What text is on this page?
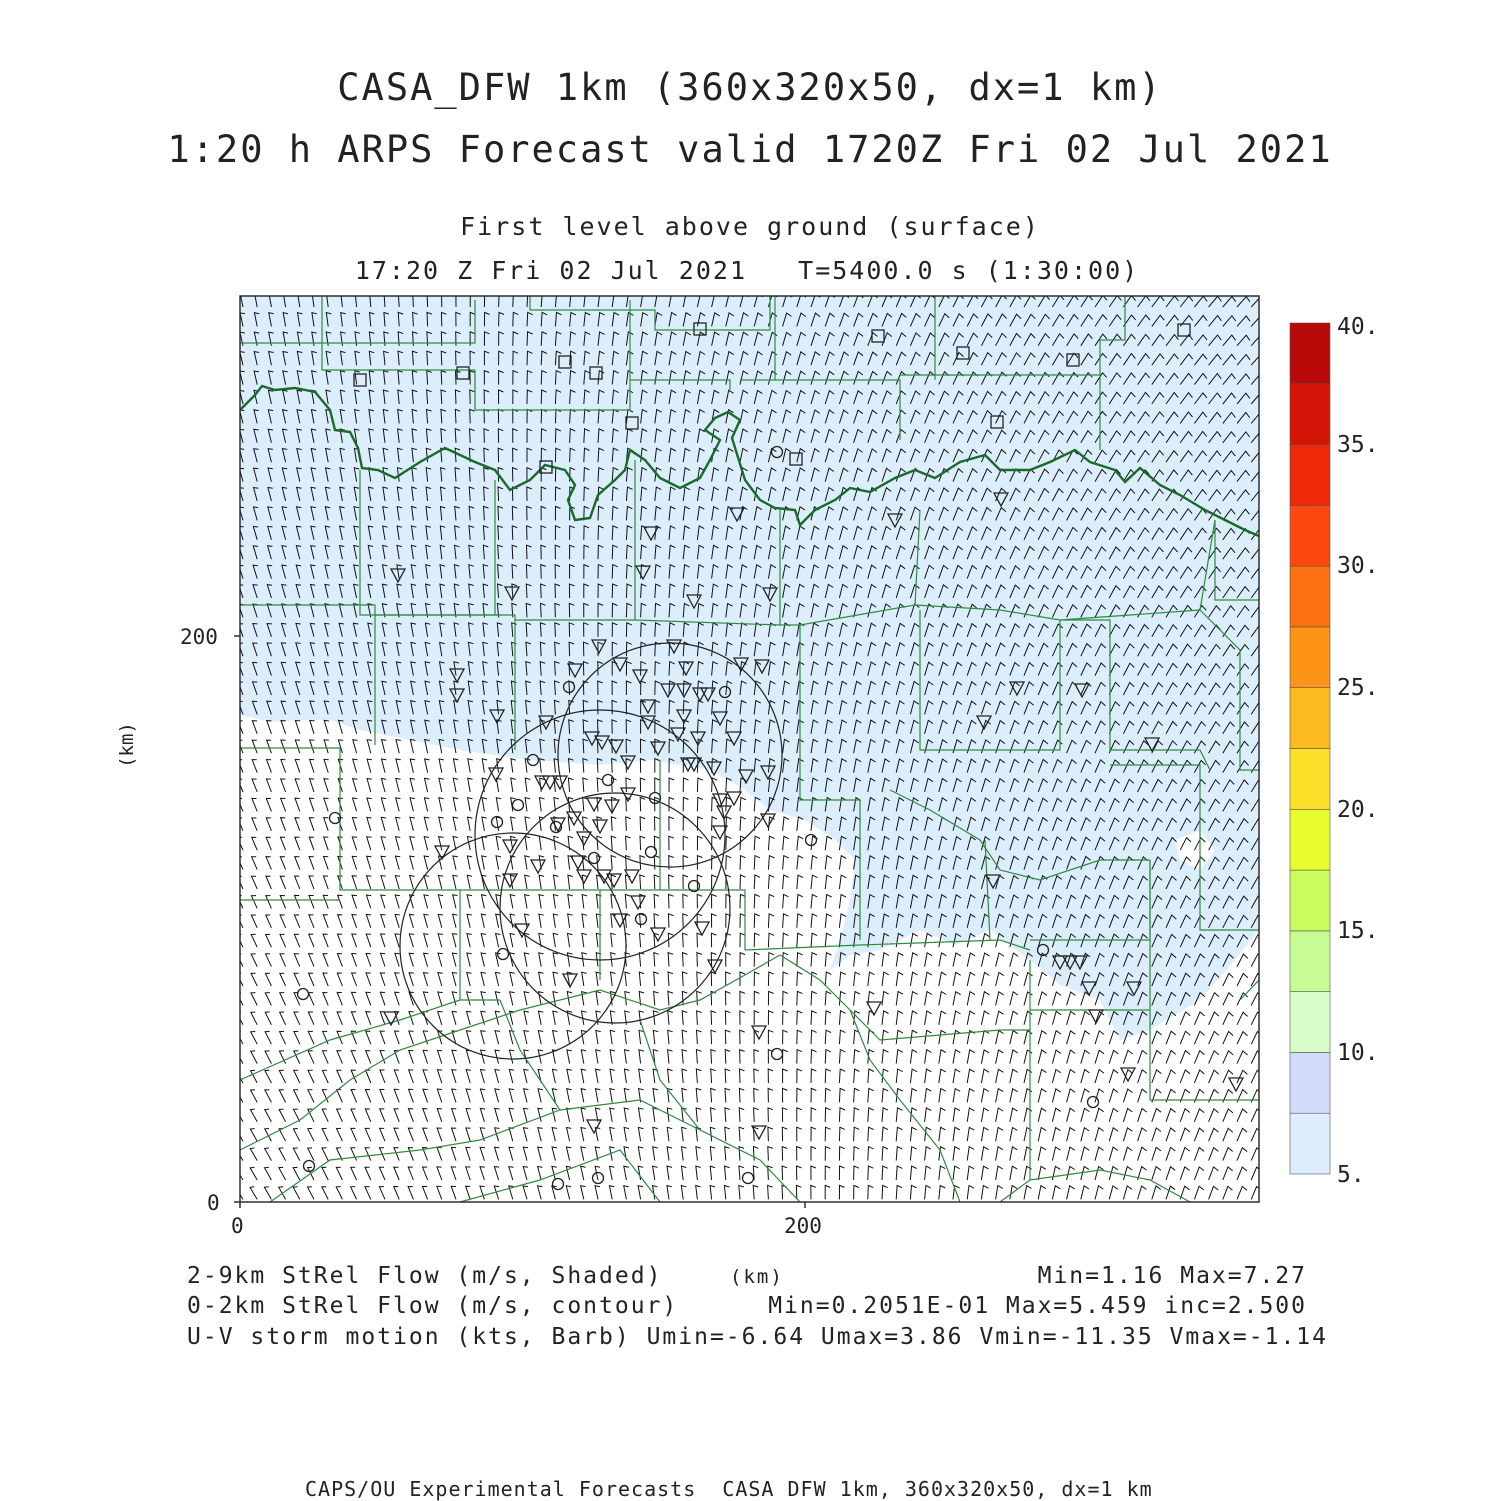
CASA_DFW 1km (360x320x50, dx=1 km)
1:20 h ARPS Forecast valid 1720Z Fri 02 Jul 2021
First level above ground (surface)
17:20 Z Fri 02 Jul 2021   T=5400.0 s (1:30:00)
0
200
0	200
(km)
5.
10.
15.
20.
25.
30.
35.
40.
2-9km StRel Flow (m/s, Shaded)	(km)	Min=1.16 Max=7.27
0-2km StRel Flow (m/s, contour)	Min=0.2051E-01 Max=5.459 inc=2.500
U-V storm motion (kts, Barb) Umin=-6.64 Umax=3.86 Vmin=-11.35 Vmax=-1.14
CAPS/OU Experimental Forecasts  CASA DFW 1km, 360x320x50, dx=1 km
